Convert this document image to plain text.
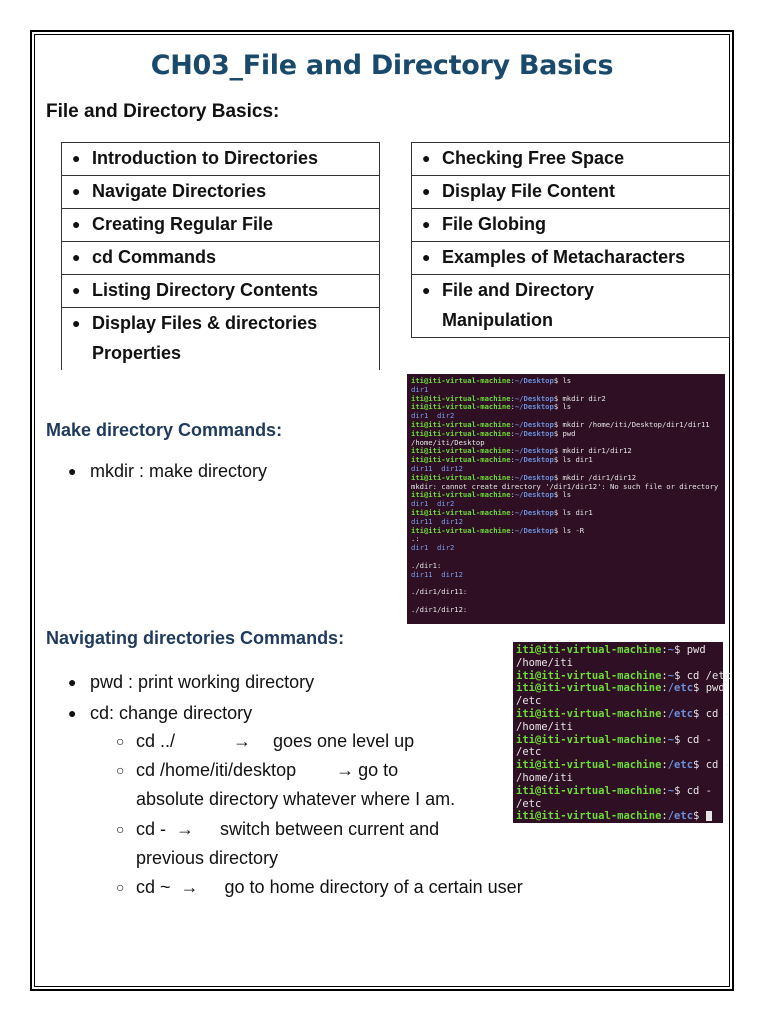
CH03_File and Directory Basics
File and Directory Basics:
● Introduction to Directories
● Navigate Directories
● Creating Regular File
● cd Commands
● Listing Directory Contents
● Display Files & directories Properties
● Checking Free Space
● Display File Content
● File Globing
● Examples of Metacharacters
● File and Directory Manipulation
Make directory Commands:
● mkdir : make directory
iti@iti-virtual-machine:~/Desktop$ ls
dir1
iti@iti-virtual-machine:~/Desktop$ mkdir dir2
iti@iti-virtual-machine:~/Desktop$ ls
dir1  dir2
iti@iti-virtual-machine:~/Desktop$ mkdir /home/iti/Desktop/dir1/dir11
iti@iti-virtual-machine:~/Desktop$ pwd
/home/iti/Desktop
iti@iti-virtual-machine:~/Desktop$ mkdir dir1/dir12
iti@iti-virtual-machine:~/Desktop$ ls dir1
dir11  dir12
iti@iti-virtual-machine:~/Desktop$ mkdir /dir1/dir12
mkdir: cannot create directory '/dir1/dir12': No such file or directory
iti@iti-virtual-machine:~/Desktop$ ls
dir1  dir2
iti@iti-virtual-machine:~/Desktop$ ls dir1
dir11  dir12
iti@iti-virtual-machine:~/Desktop$ ls -R
.:
dir1  dir2

./dir1:
dir11  dir12

./dir1/dir11:

./dir1/dir12:
Navigating directories Commands:
● pwd : print working directory
● cd: change directory
○ cd ../	→ goes one level up
○ cd /home/iti/desktop → go to
absolute directory whatever where I am.
○ cd - → switch between current and
previous directory
○ cd ~ → go to home directory of a certain user
iti@iti-virtual-machine:~$ pwd
/home/iti
iti@iti-virtual-machine:~$ cd /etc
iti@iti-virtual-machine:/etc$ pwd
/etc
iti@iti-virtual-machine:/etc$ cd -
/home/iti
iti@iti-virtual-machine:~$ cd -
/etc
iti@iti-virtual-machine:/etc$ cd -
/home/iti
iti@iti-virtual-machine:~$ cd -
/etc
iti@iti-virtual-machine:/etc$
